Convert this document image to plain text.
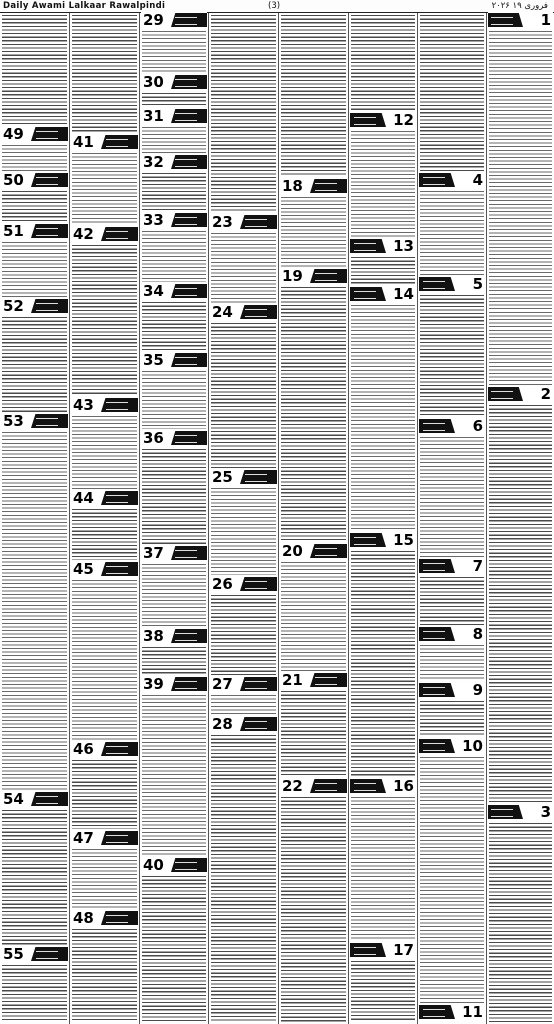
Daily Awami Lalkaar Rawalpindi	(3)	۲۰۲۶ فروری ۱۹
49
50
51
52
53
54
55
41
42
43
44
45
46
47
48
29
30
31
32
33
34
35
36
37
38
39
40
23
24
25
26
27
28
18
19
20
21
22
12
13
14
15
16
17
4
5
6
7
8
9
10
11
1
2
3
